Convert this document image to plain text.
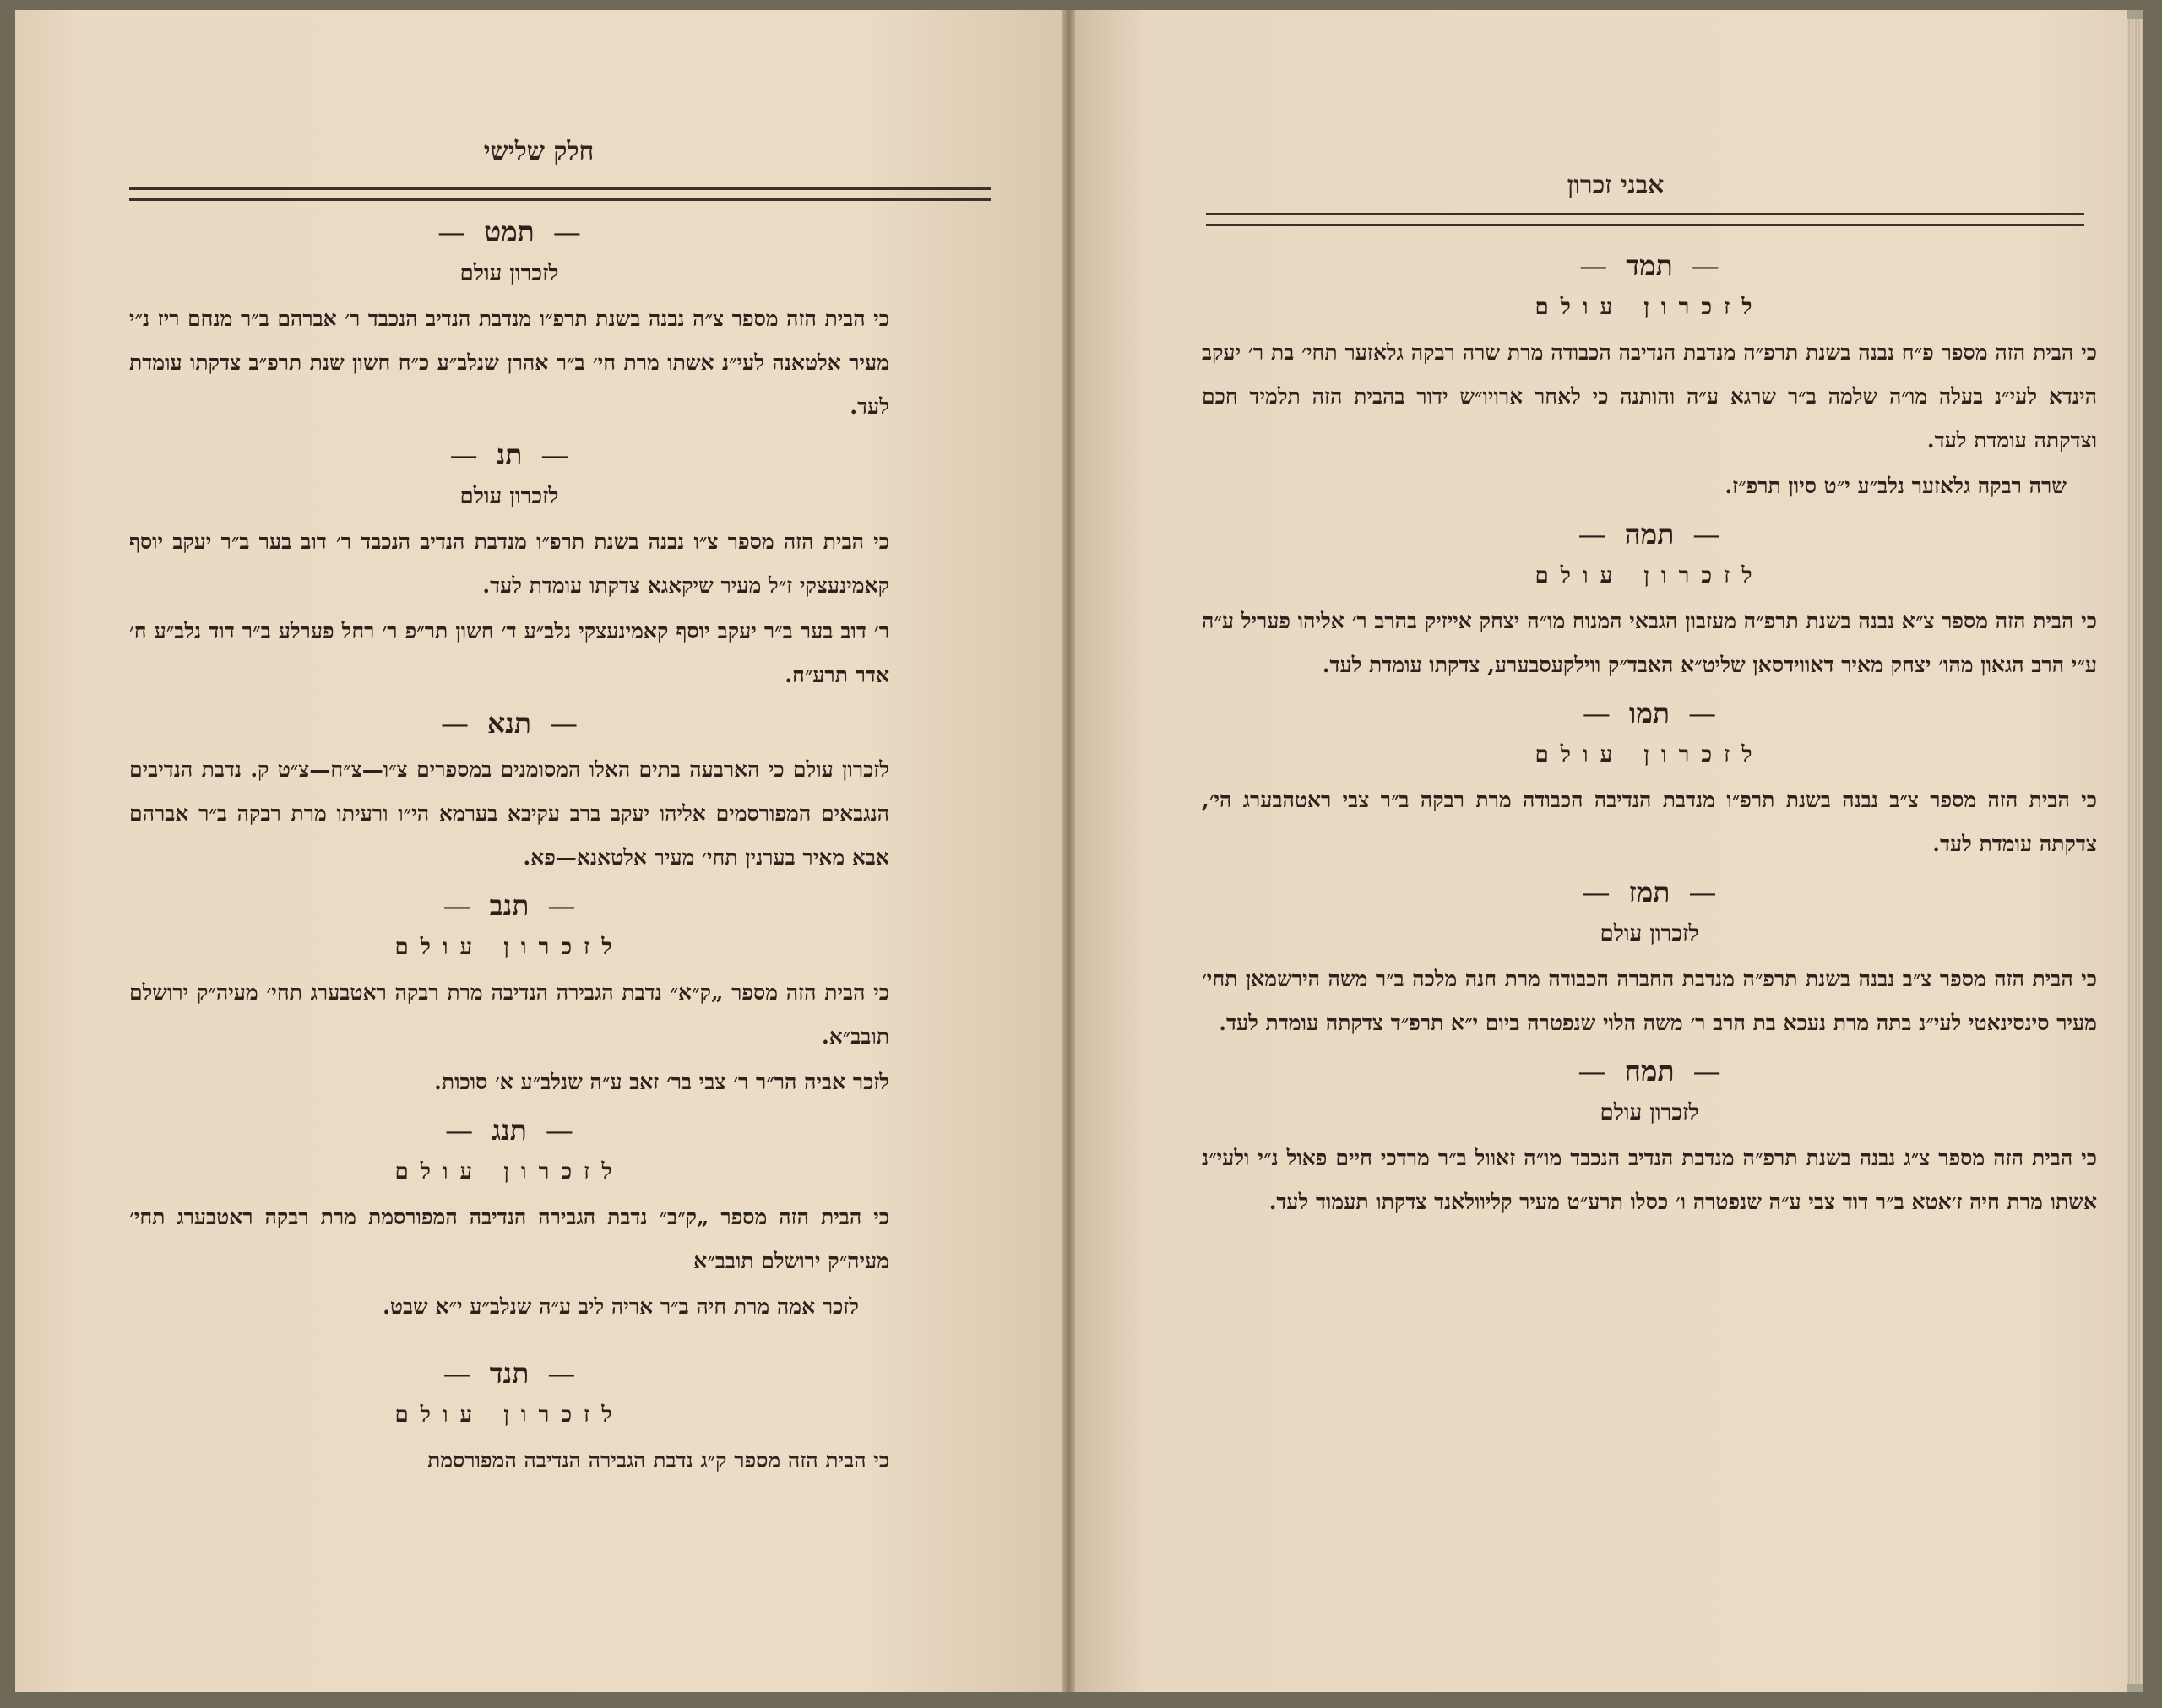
חלק שלישי
—תמט—
לזכרון עולם

כי הבית הזה מספר צ״ה נבנה בשנת תרפ״ו מנדבת הנדיב הנכבד ר׳ אברהם ב״ר מנחם ריז נ״י מעיר אלטאנה לעי״נ אשתו מרת חי׳ ב״ר אהרן שנלב״ע כ״ח חשון שנת תרפ״ב צדקתו עומדת לעד.

—תנ—
לזכרון עולם

כי הבית הזה מספר צ״ו נבנה בשנת תרפ״ו מנדבת הנדיב הנכבד ר׳ דוב בער ב״ר יעקב יוסף קאמינעצקי ז״ל מעיר שיקאגא צדקתו עומדת לעד.

ר׳ דוב בער ב״ר יעקב יוסף קאמינעצקי נלב״ע ד׳ חשון תר״פ ר׳ רחל פערלע ב״ר דוד נלב״ע ח׳ אדר תרע״ח.

—תנא—

לזכרון עולם כי הארבעה בתים האלו המסומנים במספרים צ״ו—צ״ח—צ״ט ק. נדבת הנדיבים הנגבאים המפורסמים אליהו יעקב ברב עקיבא בערמא הי״ו ורעיתו מרת רבקה ב״ר אברהם אבא מאיר בערנין תחי׳ מעיר אלטאנא—פא.

—תנב—
לזכרון עולם

כי הבית הזה מספר „ק״א״ נדבת הגבירה הנדיבה מרת רבקה ראטבערג תחי׳ מעיה״ק ירושלם תובב״א.

לזכר אביה הר״ר ר׳ צבי בר׳ זאב ע״ה שנלב״ע א׳ סוכות.

—תנג—
לזכרון עולם

כי הבית הזה מספר „ק״ב״ נדבת הגבירה הנדיבה המפורסמת מרת רבקה ראטבערג תחי׳ מעיה״ק ירושלם תובב״א

לזכר אמה מרת חיה ב״ר אריה ליב ע״ה שנלב״ע י״א שבט.

—תנד—
לזכרון עולם

כי הבית הזה מספר ק״ג נדבת הגבירה הנדיבה המפורסמת

אבני זכרון
—תמד—
לזכרון עולם

כי הבית הזה מספר פ״ח נבנה בשנת תרפ״ה מנדבת הנדיבה הכבודה מרת שרה רבקה גלאזער תחי׳ בת ר׳ יעקב הינדא לעי״נ בעלה מו״ה שלמה ב״ר שרגא ע״ה והותנה כי לאחר ארויו״ש ידור בהבית הזה תלמיד חכם וצדקתה עומדת לעד.

שרה רבקה גלאזער נלב״ע י״ט סיון תרפ״ז.

—תמה—
לזכרון עולם

כי הבית הזה מספר צ״א נבנה בשנת תרפ״ה מעזבון הגבאי המנוח מו״ה יצחק אייזיק בהרב ר׳ אליהו פעריל ע״ה ע״י הרב הגאון מהו׳ יצחק מאיר דאווידסאן שליט״א האבד״ק ווילקעסבערע, צדקתו עומדת לעד.

—תמו—
לזכרון עולם

כי הבית הזה מספר צ״ב נבנה בשנת תרפ״ו מנדבת הנדיבה הכבודה מרת רבקה ב״ר צבי ראטהבערג הי׳, צדקתה עומדת לעד.

—תמז—
לזכרון עולם

כי הבית הזה מספר צ״ב נבנה בשנת תרפ״ה מנדבת החברה הכבודה מרת חנה מלכה ב״ר משה הירשמאן תחי׳ מעיר סינסינאטי לעי״נ בתה מרת נעכא בת הרב ר׳ משה הלוי שנפטרה ביום י״א תרפ״ד צדקתה עומדת לעד.

—תמח—
לזכרון עולם

כי הבית הזה מספר צ״ג נבנה בשנת תרפ״ה מנדבת הנדיב הנכבד מו״ה זאוול ב״ר מרדכי חיים פאול נ״י ולעי״נ אשתו מרת חיה ז׳אטא ב״ר דוד צבי ע״ה שנפטרה ו׳ כסלו תרע״ט מעיר קליוולאנד צדקתו תעמוד לעד.
